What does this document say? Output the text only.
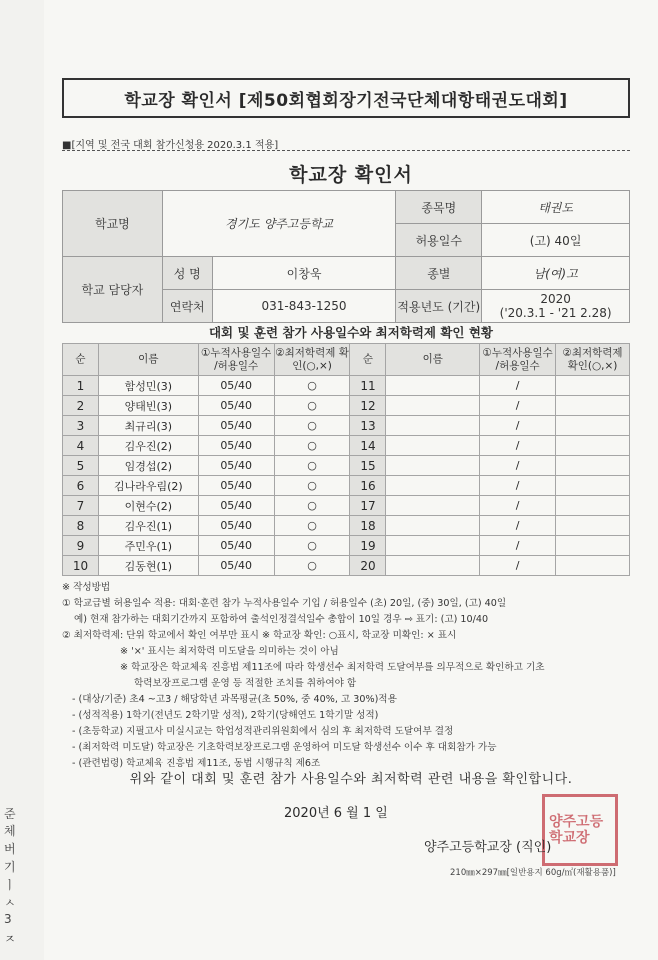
준
체
버
기
ㅣ
ㅅ
3
ㅈ
학교장 확인서 [제50회협회장기전국단체대항태권도대회]
■[지역 및 전국 대회 참가신청용 2020.3.1 적용]
학교장 확인서
학교명	경기도 양주고등학교		종목명	태권도
			허용일수	(고) 40일
학교 담당자	성 명	이창욱	종별	남(여)고
	연락처	031-843-1250	적용년도 (기간)	2020
('20.3.1 - '21 2.28)
대회 및 훈련 참가 사용일수와 최저학력제 확인 현황
순	이름	①누적사용일수 /허용일수	②최저학력제 확인(○,×)	순	이름	①누적사용일수 /허용일수	②최저학력제 확인(○,×)
1	함성민(3)	05/40	○	11		/	
2	양태빈(3)	05/40	○	12		/	
3	최규리(3)	05/40	○	13		/	
4	김우진(2)	05/40	○	14		/	
5	임경섭(2)	05/40	○	15		/	
6	김나라우림(2)	05/40	○	16		/	
7	이현수(2)	05/40	○	17		/	
8	김우진(1)	05/40	○	18		/	
9	주민우(1)	05/40	○	19		/	
10	김동현(1)	05/40	○	20		/	
※ 작성방법
① 학교급별 허용일수 적용: 대회·훈련 참가 누적사용일수 기입 / 허용일수 (초) 20일, (중) 30일, (고) 40일
예) 현재 참가하는 대회기간까지 포함하여 출석인정결석일수 총합이 10일 경우 ⇨ 표기: (고) 10/40
② 최저학력제: 단위 학교에서 확인 여부만 표시 ※ 학교장 확인: ○표시, 학교장 미확인: × 표시
※ '×' 표시는 최저학력 미도달을 의미하는 것이 아님
※ 학교장은 학교체육 진흥법 제11조에 따라 학생선수 최저학력 도달여부를 의무적으로 확인하고 기초
학력보장프로그램 운영 등 적절한 조치를 취하여야 함
- (대상/기준) 초4 ~고3 / 해당학년 과목평균(초 50%, 중 40%, 고 30%)적용
- (성적적용) 1학기(전년도 2학기말 성적), 2학기(당해연도 1학기말 성적)
- (초등학교) 지필고사 미실시교는 학업성적관리위원회에서 심의 후 최저학력 도달여부 결정
- (최저학력 미도달) 학교장은 기초학력보장프로그램 운영하여 미도달 학생선수 이수 후 대회참가 가능
- (관련법령) 학교체육 진흥법 제11조, 동법 시행규칙 제6조
위와 같이 대회 및 훈련 참가 사용일수와 최저학력 관련 내용을 확인합니다.
2020년 6 월 1 일
양주고등학교장
양주고등학교장 (직인)
210㎜×297㎜[일반용지 60g/㎡(재활용품)]
